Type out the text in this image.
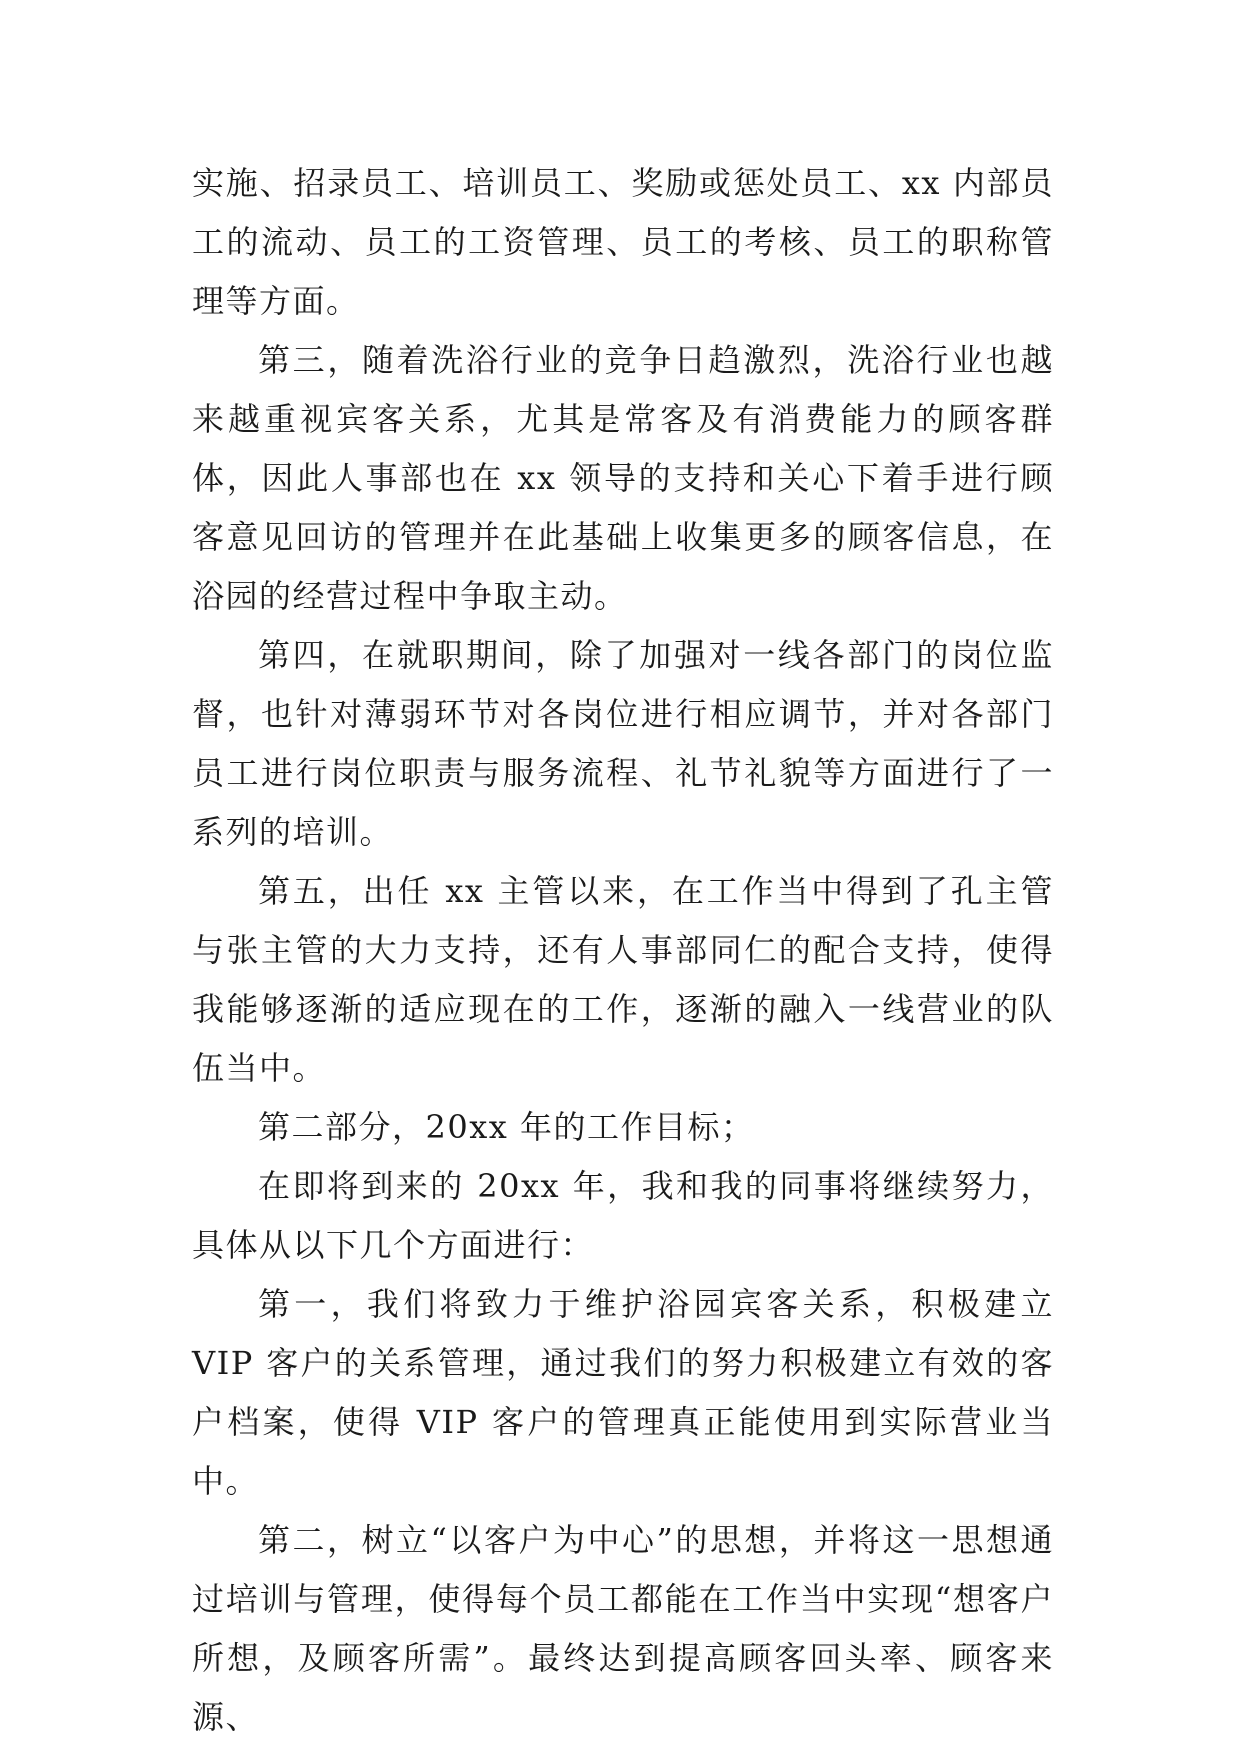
实施、招录员工、培训员工、奖励或惩处员工、xx 内部员工的流动、员工的工资管理、员工的考核、员工的职称管理等方面。

第三，随着洗浴行业的竞争日趋激烈，洗浴行业也越来越重视宾客关系，尤其是常客及有消费能力的顾客群体，因此人事部也在 xx 领导的支持和关心下着手进行顾客意见回访的管理并在此基础上收集更多的顾客信息，在浴园的经营过程中争取主动。

第四，在就职期间，除了加强对一线各部门的岗位监督，也针对薄弱环节对各岗位进行相应调节，并对各部门员工进行岗位职责与服务流程、礼节礼貌等方面进行了一系列的培训。

第五，出任 xx 主管以来，在工作当中得到了孔主管与张主管的大力支持，还有人事部同仁的配合支持，使得我能够逐渐的适应现在的工作，逐渐的融入一线营业的队伍当中。

第二部分，20xx 年的工作目标；

在即将到来的 20xx 年，我和我的同事将继续努力，具体从以下几个方面进行：

第一，我们将致力于维护浴园宾客关系，积极建立 VIP 客户的关系管理，通过我们的努力积极建立有效的客户档案，使得 VIP 客户的管理真正能使用到实际营业当中。

第二，树立“以客户为中心”的思想，并将这一思想通过培训与管理，使得每个员工都能在工作当中实现“想客户所想，及顾客所需”。最终达到提高顾客回头率、顾客来源、
